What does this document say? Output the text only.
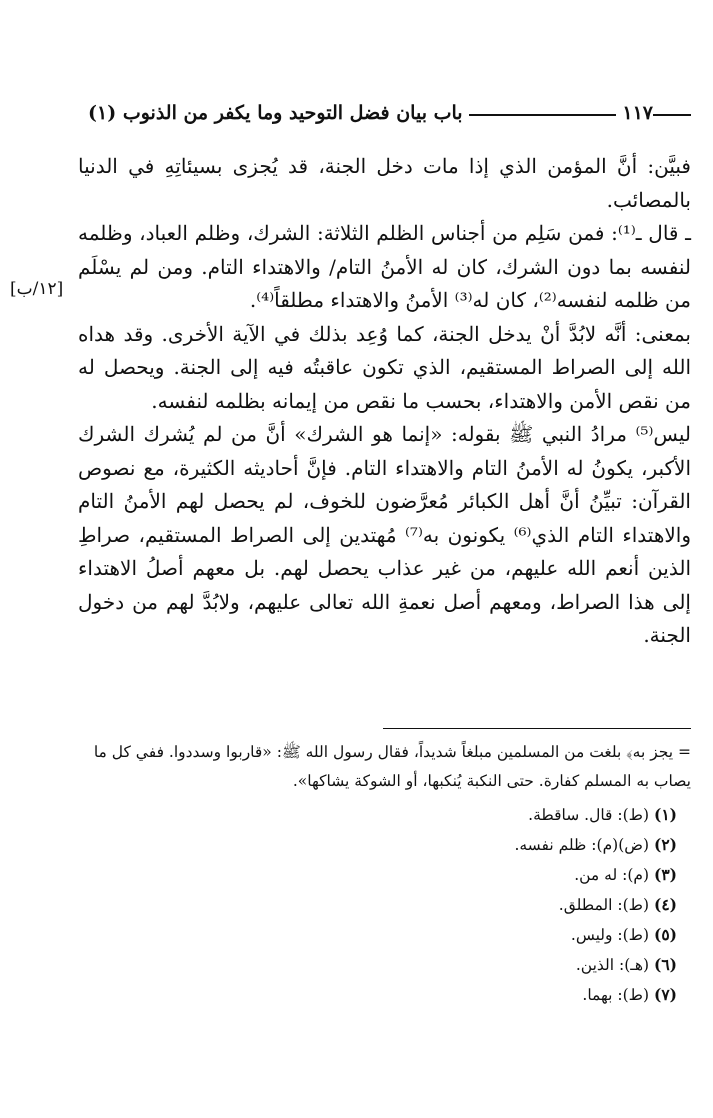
باب بيان فضل التوحيد وما يكفر من الذنوب (١)	١١٧
[١٢/ب]

فبيَّن: أنَّ المؤمن الذي إذا مات دخل الجنة، قد يُجزى بسيئاتِهِ في الدنيا بالمصائب.

ـ قال ـ⁽¹⁾: فمن سَلِم من أجناس الظلم الثلاثة: الشرك، وظلم العباد، وظلمه لنفسه بما دون الشرك، كان له الأمنُ التام/ والاهتداء التام. ومن لم يسْلَم من ظلمه لنفسه⁽²⁾، كان له⁽³⁾ الأمنُ والاهتداء مطلقاً⁽⁴⁾.

بمعنى: أنَّه لابُدَّ أنْ يدخل الجنة، كما وُعِد بذلك في الآية الأخرى. وقد هداه الله إلى الصراط المستقيم، الذي تكون عاقبتُه فيه إلى الجنة. ويحصل له من نقص الأمن والاهتداء، بحسب ما نقص من إيمانه بظلمه لنفسه.

ليس⁽⁵⁾ مرادُ النبي ﷺ بقوله: «إنما هو الشرك» أنَّ من لم يُشرك الشرك الأكبر، يكونُ له الأمنُ التام والاهتداء التام. فإنَّ أحاديثه الكثيرة، مع نصوص القرآن: تبيِّنُ أنَّ أهل الكبائر مُعرَّضون للخوف، لم يحصل لهم الأمنُ التام والاهتداء التام الذي⁽⁶⁾ يكونون به⁽⁷⁾ مُهتدين إلى الصراط المستقيم، صراطِ الذين أنعم الله عليهم، من غير عذاب يحصل لهم. بل معهم أصلُ الاهتداء إلى هذا الصراط، ومعهم أصل نعمةِ الله تعالى عليهم، ولابُدَّ لهم من دخول الجنة.

= يجز به﴾ بلغت من المسلمين مبلغاً شديداً، فقال رسول الله ﷺ: «قاربوا وسددوا. ففي كل ما يصاب به المسلم كفارة. حتى النكبة يُنكبها، أو الشوكة يشاكها».

(١) (ط): قال. ساقطة.
(٢) (ض)(م): ظلم نفسه.
(٣) (م): له من.
(٤) (ط): المطلق.
(٥) (ط): وليس.
(٦) (هـ): الذين.
(٧) (ط): بهما.
